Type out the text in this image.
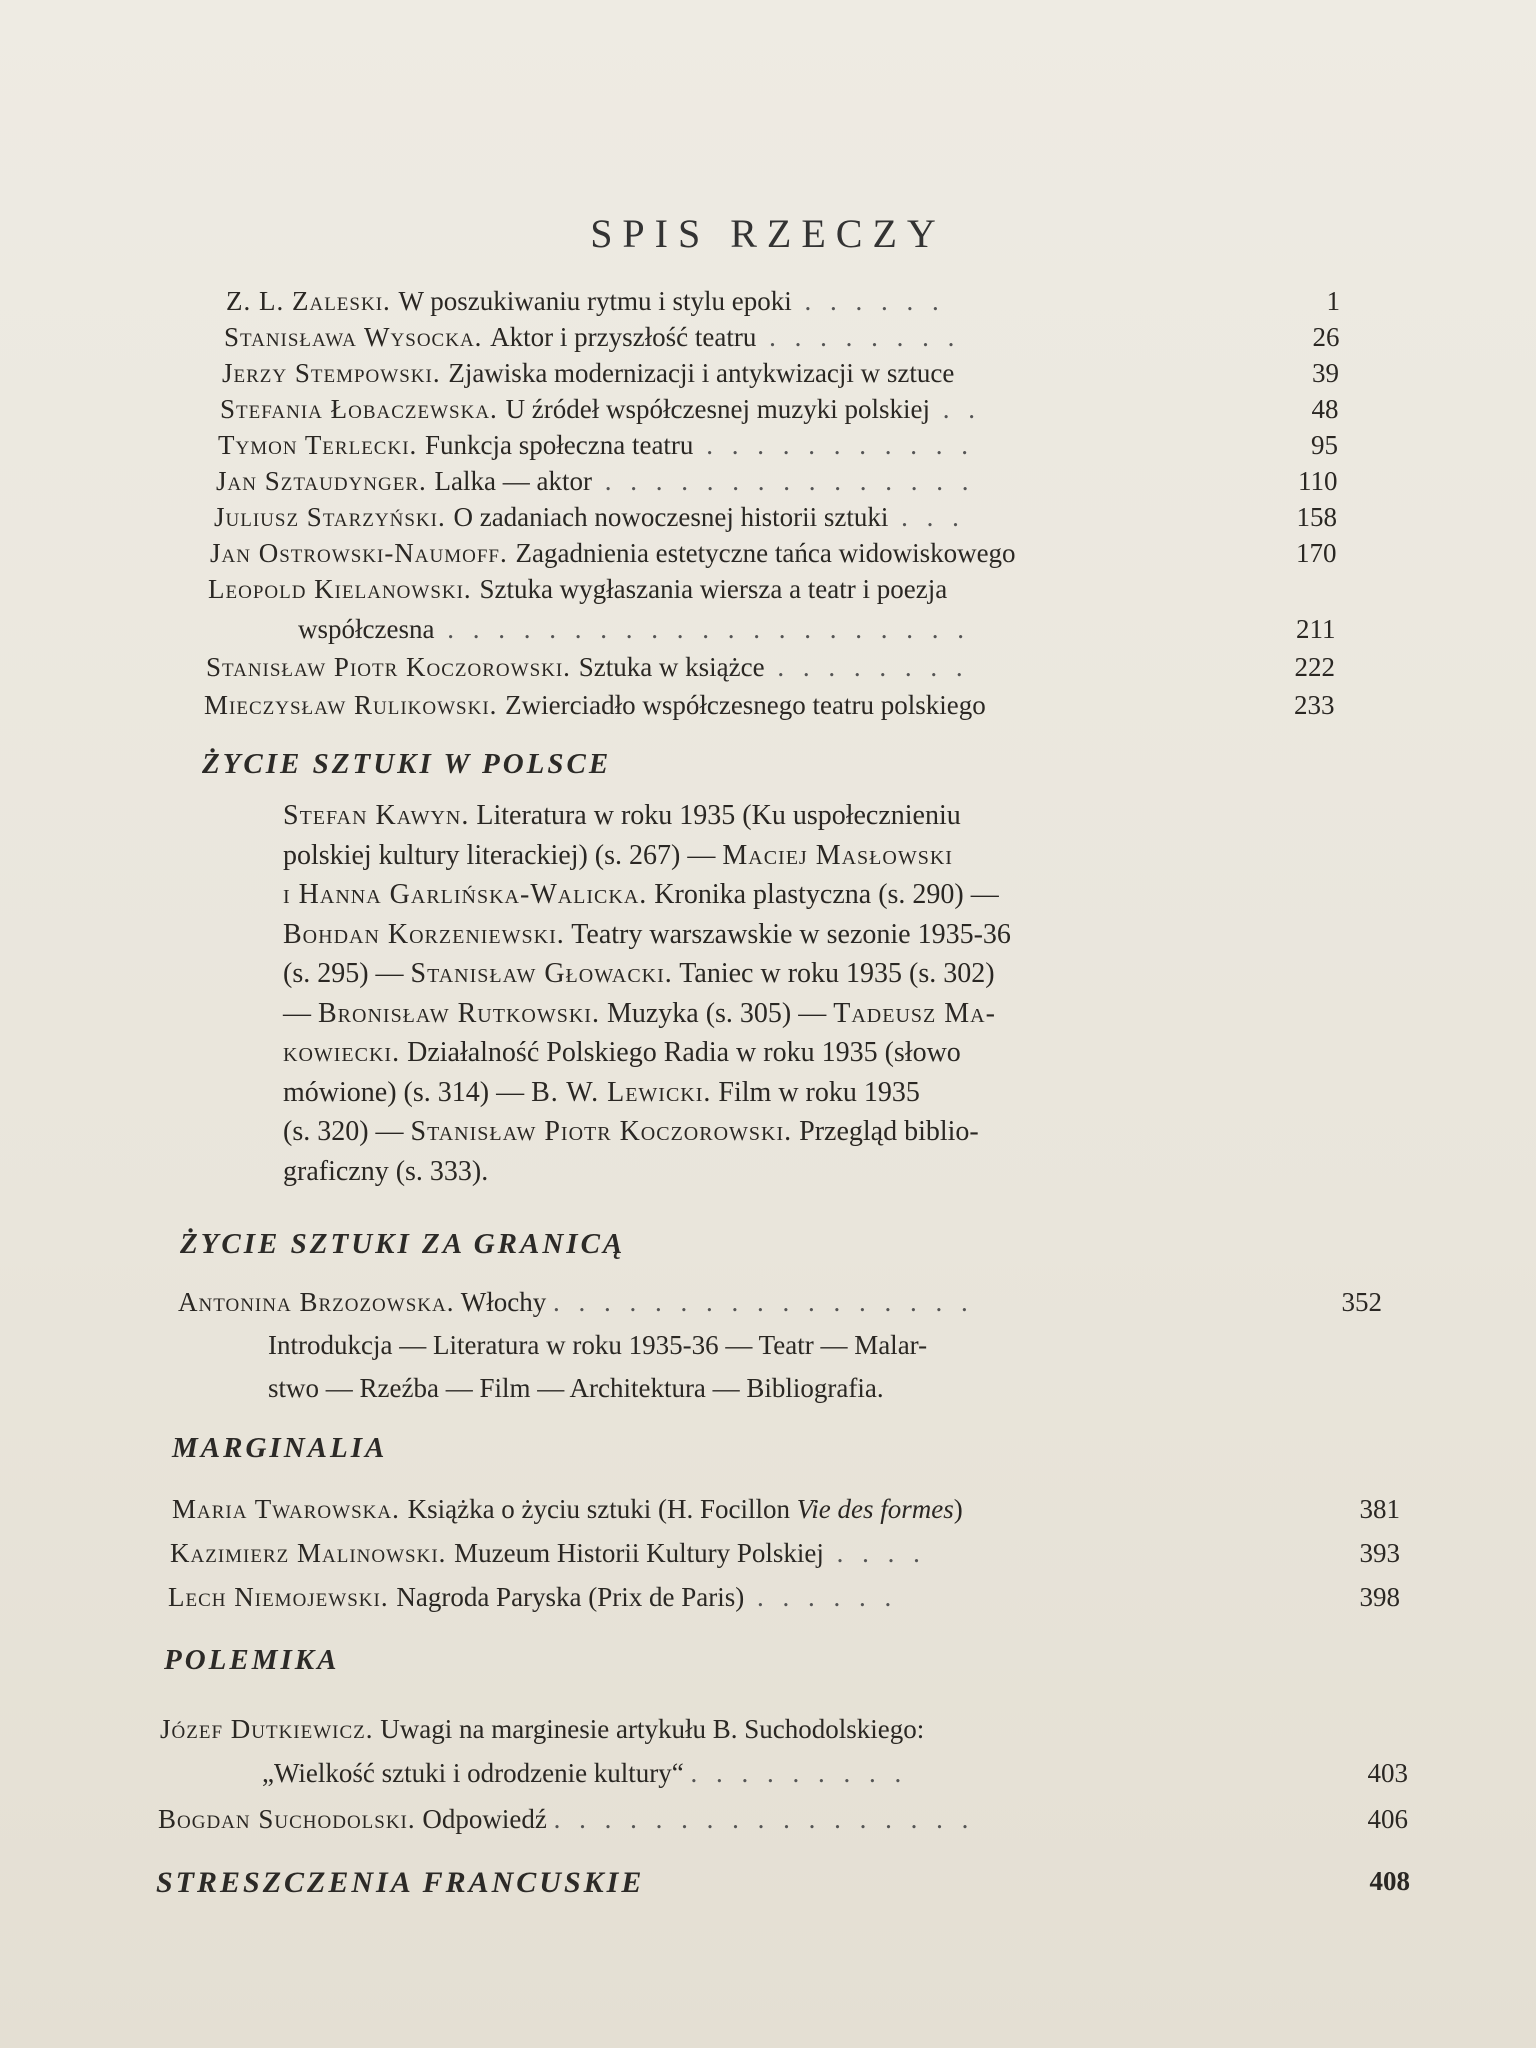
SPIS RZECZY
Z. L. Zaleski. W poszukiwaniu rytmu i stylu epoki . . . . . .	1
Stanisława Wysocka. Aktor i przyszłość teatru . . . . . . . .	26
Jerzy Stempowski. Zjawiska modernizacji i antykwizacji w sztuce	39
Stefania Łobaczewska. U źródeł współczesnej muzyki polskiej . .	48
Tymon Terlecki. Funkcja społeczna teatru . . . . . . . . . . .	95
Jan Sztaudynger. Lalka — aktor . . . . . . . . . . . . . . .	110
Juliusz Starzyński. O zadaniach nowoczesnej historii sztuki . . .	158
Jan Ostrowski-Naumoff. Zagadnienia estetyczne tańca widowiskowego	170
Leopold Kielanowski. Sztuka wygłaszania wiersza a teatr i poezja
współczesna . . . . . . . . . . . . . . . . . . . . .	211
Stanisław Piotr Koczorowski. Sztuka w książce . . . . . . . .	222
Mieczysław Rulikowski. Zwierciadło współczesnego teatru polskiego	233
ŻYCIE SZTUKI W POLSCE
Stefan Kawyn. Literatura w roku 1935 (Ku uspołecznieniu
polskiej kultury literackiej) (s. 267) — Maciej Masłowski
i Hanna Garlińska-Walicka. Kronika plastyczna (s. 290) —
Bohdan Korzeniewski. Teatry warszawskie w sezonie 1935-36
(s. 295) — Stanisław Głowacki. Taniec w roku 1935 (s. 302)
— Bronisław Rutkowski. Muzyka (s. 305) — Tadeusz Ma-
kowiecki. Działalność Polskiego Radia w roku 1935 (słowo
mówione) (s. 314) — B. W. Lewicki. Film w roku 1935
(s. 320) — Stanisław Piotr Koczorowski. Przegląd biblio-
graficzny (s. 333).
ŻYCIE SZTUKI ZA GRANICĄ
Antonina Brzozowska. Włochy . . . . . . . . . . . . . . . . .	352
Introdukcja — Literatura w roku 1935-36 — Teatr — Malar-
stwo — Rzeźba — Film — Architektura — Bibliografia.
MARGINALIA
Maria Twarowska. Książka o życiu sztuki (H. Focillon Vie des formes)	381
Kazimierz Malinowski. Muzeum Historii Kultury Polskiej . . . .	393
Lech Niemojewski. Nagroda Paryska (Prix de Paris) . . . . . .	398
POLEMIKA
Józef Dutkiewicz. Uwagi na marginesie artykułu B. Suchodolskiego:
„Wielkość sztuki i odrodzenie kultury“ . . . . . . . . .	403
Bogdan Suchodolski. Odpowiedź . . . . . . . . . . . . . . . . .	406
STRESZCZENIA FRANCUSKIE	408
